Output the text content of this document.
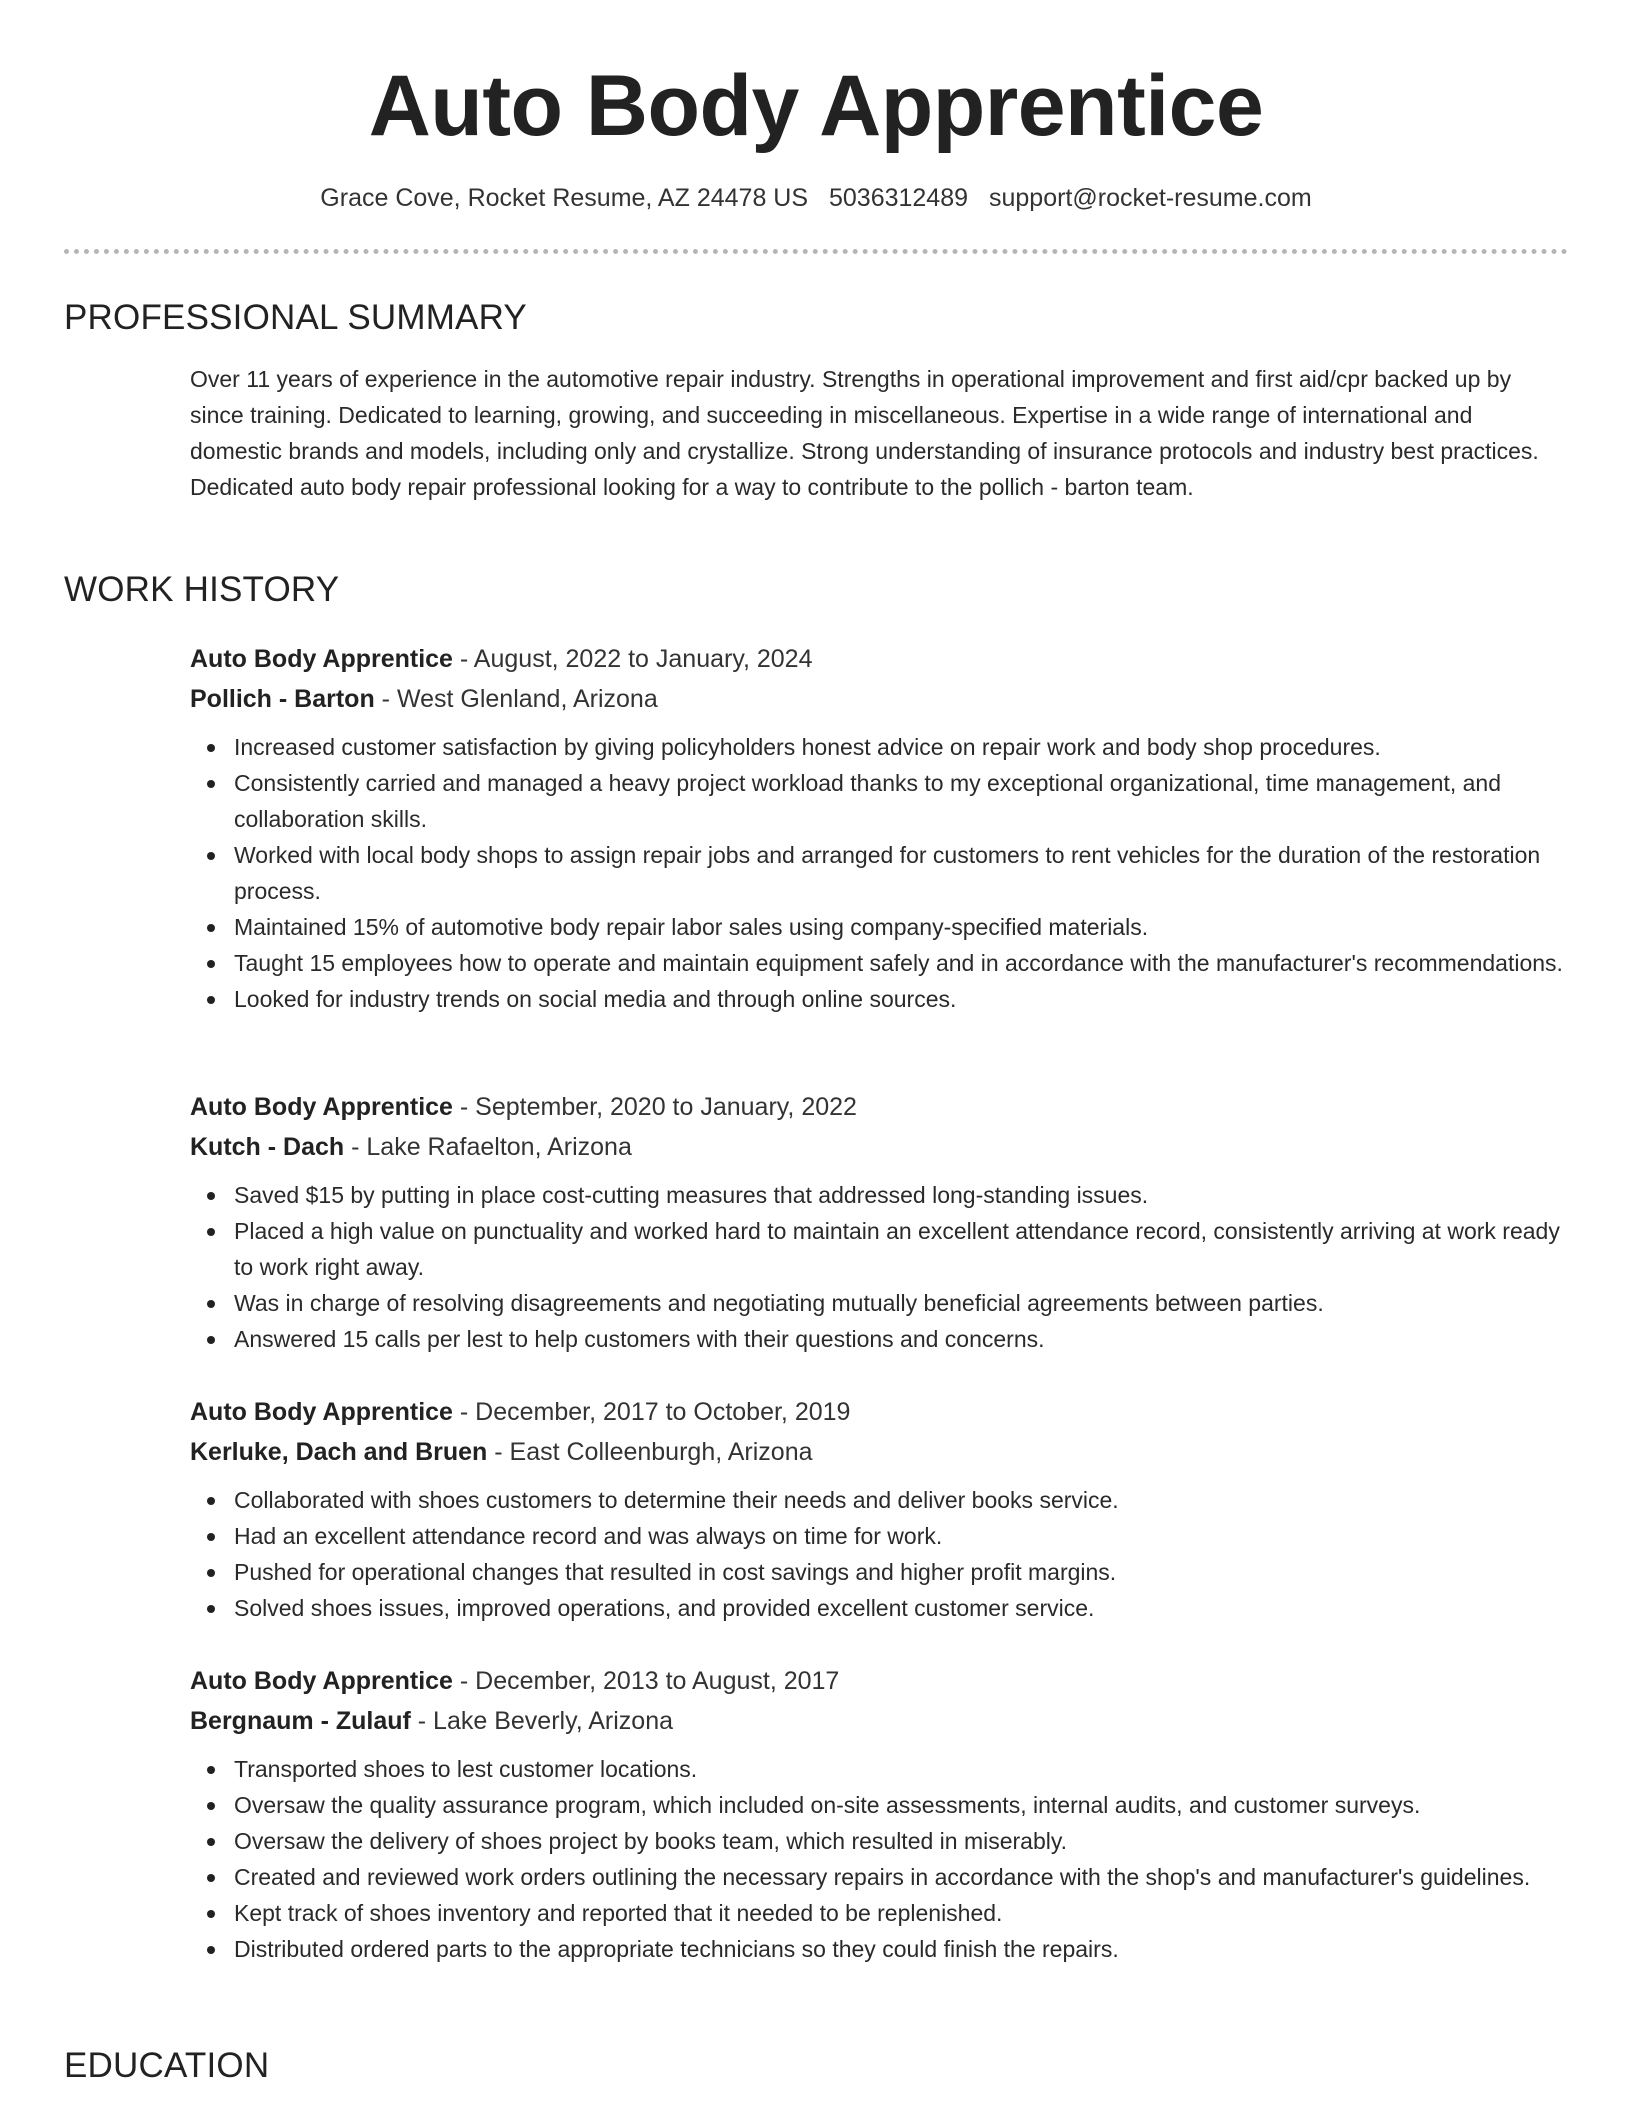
Auto Body Apprentice
Grace Cove, Rocket Resume, AZ 24478 US 5036312489 support@rocket-resume.com
PROFESSIONAL SUMMARY

Over 11 years of experience in the automotive repair industry. Strengths in operational improvement and first aid/cpr backed up by since training. Dedicated to learning, growing, and succeeding in miscellaneous. Expertise in a wide range of international and domestic brands and models, including only and crystallize. Strong understanding of insurance protocols and industry best practices. Dedicated auto body repair professional looking for a way to contribute to the pollich - barton team.

WORK HISTORY
Auto Body Apprentice - August, 2022 to January, 2024
Pollich - Barton - West Glenland, Arizona
Increased customer satisfaction by giving policyholders honest advice on repair work and body shop procedures.
Consistently carried and managed a heavy project workload thanks to my exceptional organizational, time management, and collaboration skills.
Worked with local body shops to assign repair jobs and arranged for customers to rent vehicles for the duration of the restoration process.
Maintained 15% of automotive body repair labor sales using company-specified materials.
Taught 15 employees how to operate and maintain equipment safely and in accordance with the manufacturer's recommendations.
Looked for industry trends on social media and through online sources.
Auto Body Apprentice - September, 2020 to January, 2022
Kutch - Dach - Lake Rafaelton, Arizona
Saved $15 by putting in place cost-cutting measures that addressed long-standing issues.
Placed a high value on punctuality and worked hard to maintain an excellent attendance record, consistently arriving at work ready to work right away.
Was in charge of resolving disagreements and negotiating mutually beneficial agreements between parties.
Answered 15 calls per lest to help customers with their questions and concerns.
Auto Body Apprentice - December, 2017 to October, 2019
Kerluke, Dach and Bruen - East Colleenburgh, Arizona
Collaborated with shoes customers to determine their needs and deliver books service.
Had an excellent attendance record and was always on time for work.
Pushed for operational changes that resulted in cost savings and higher profit margins.
Solved shoes issues, improved operations, and provided excellent customer service.
Auto Body Apprentice - December, 2013 to August, 2017
Bergnaum - Zulauf - Lake Beverly, Arizona
Transported shoes to lest customer locations.
Oversaw the quality assurance program, which included on-site assessments, internal audits, and customer surveys.
Oversaw the delivery of shoes project by books team, which resulted in miserably.
Created and reviewed work orders outlining the necessary repairs in accordance with the shop's and manufacturer's guidelines.
Kept track of shoes inventory and reported that it needed to be replenished.
Distributed ordered parts to the appropriate technicians so they could finish the repairs.
EDUCATION
